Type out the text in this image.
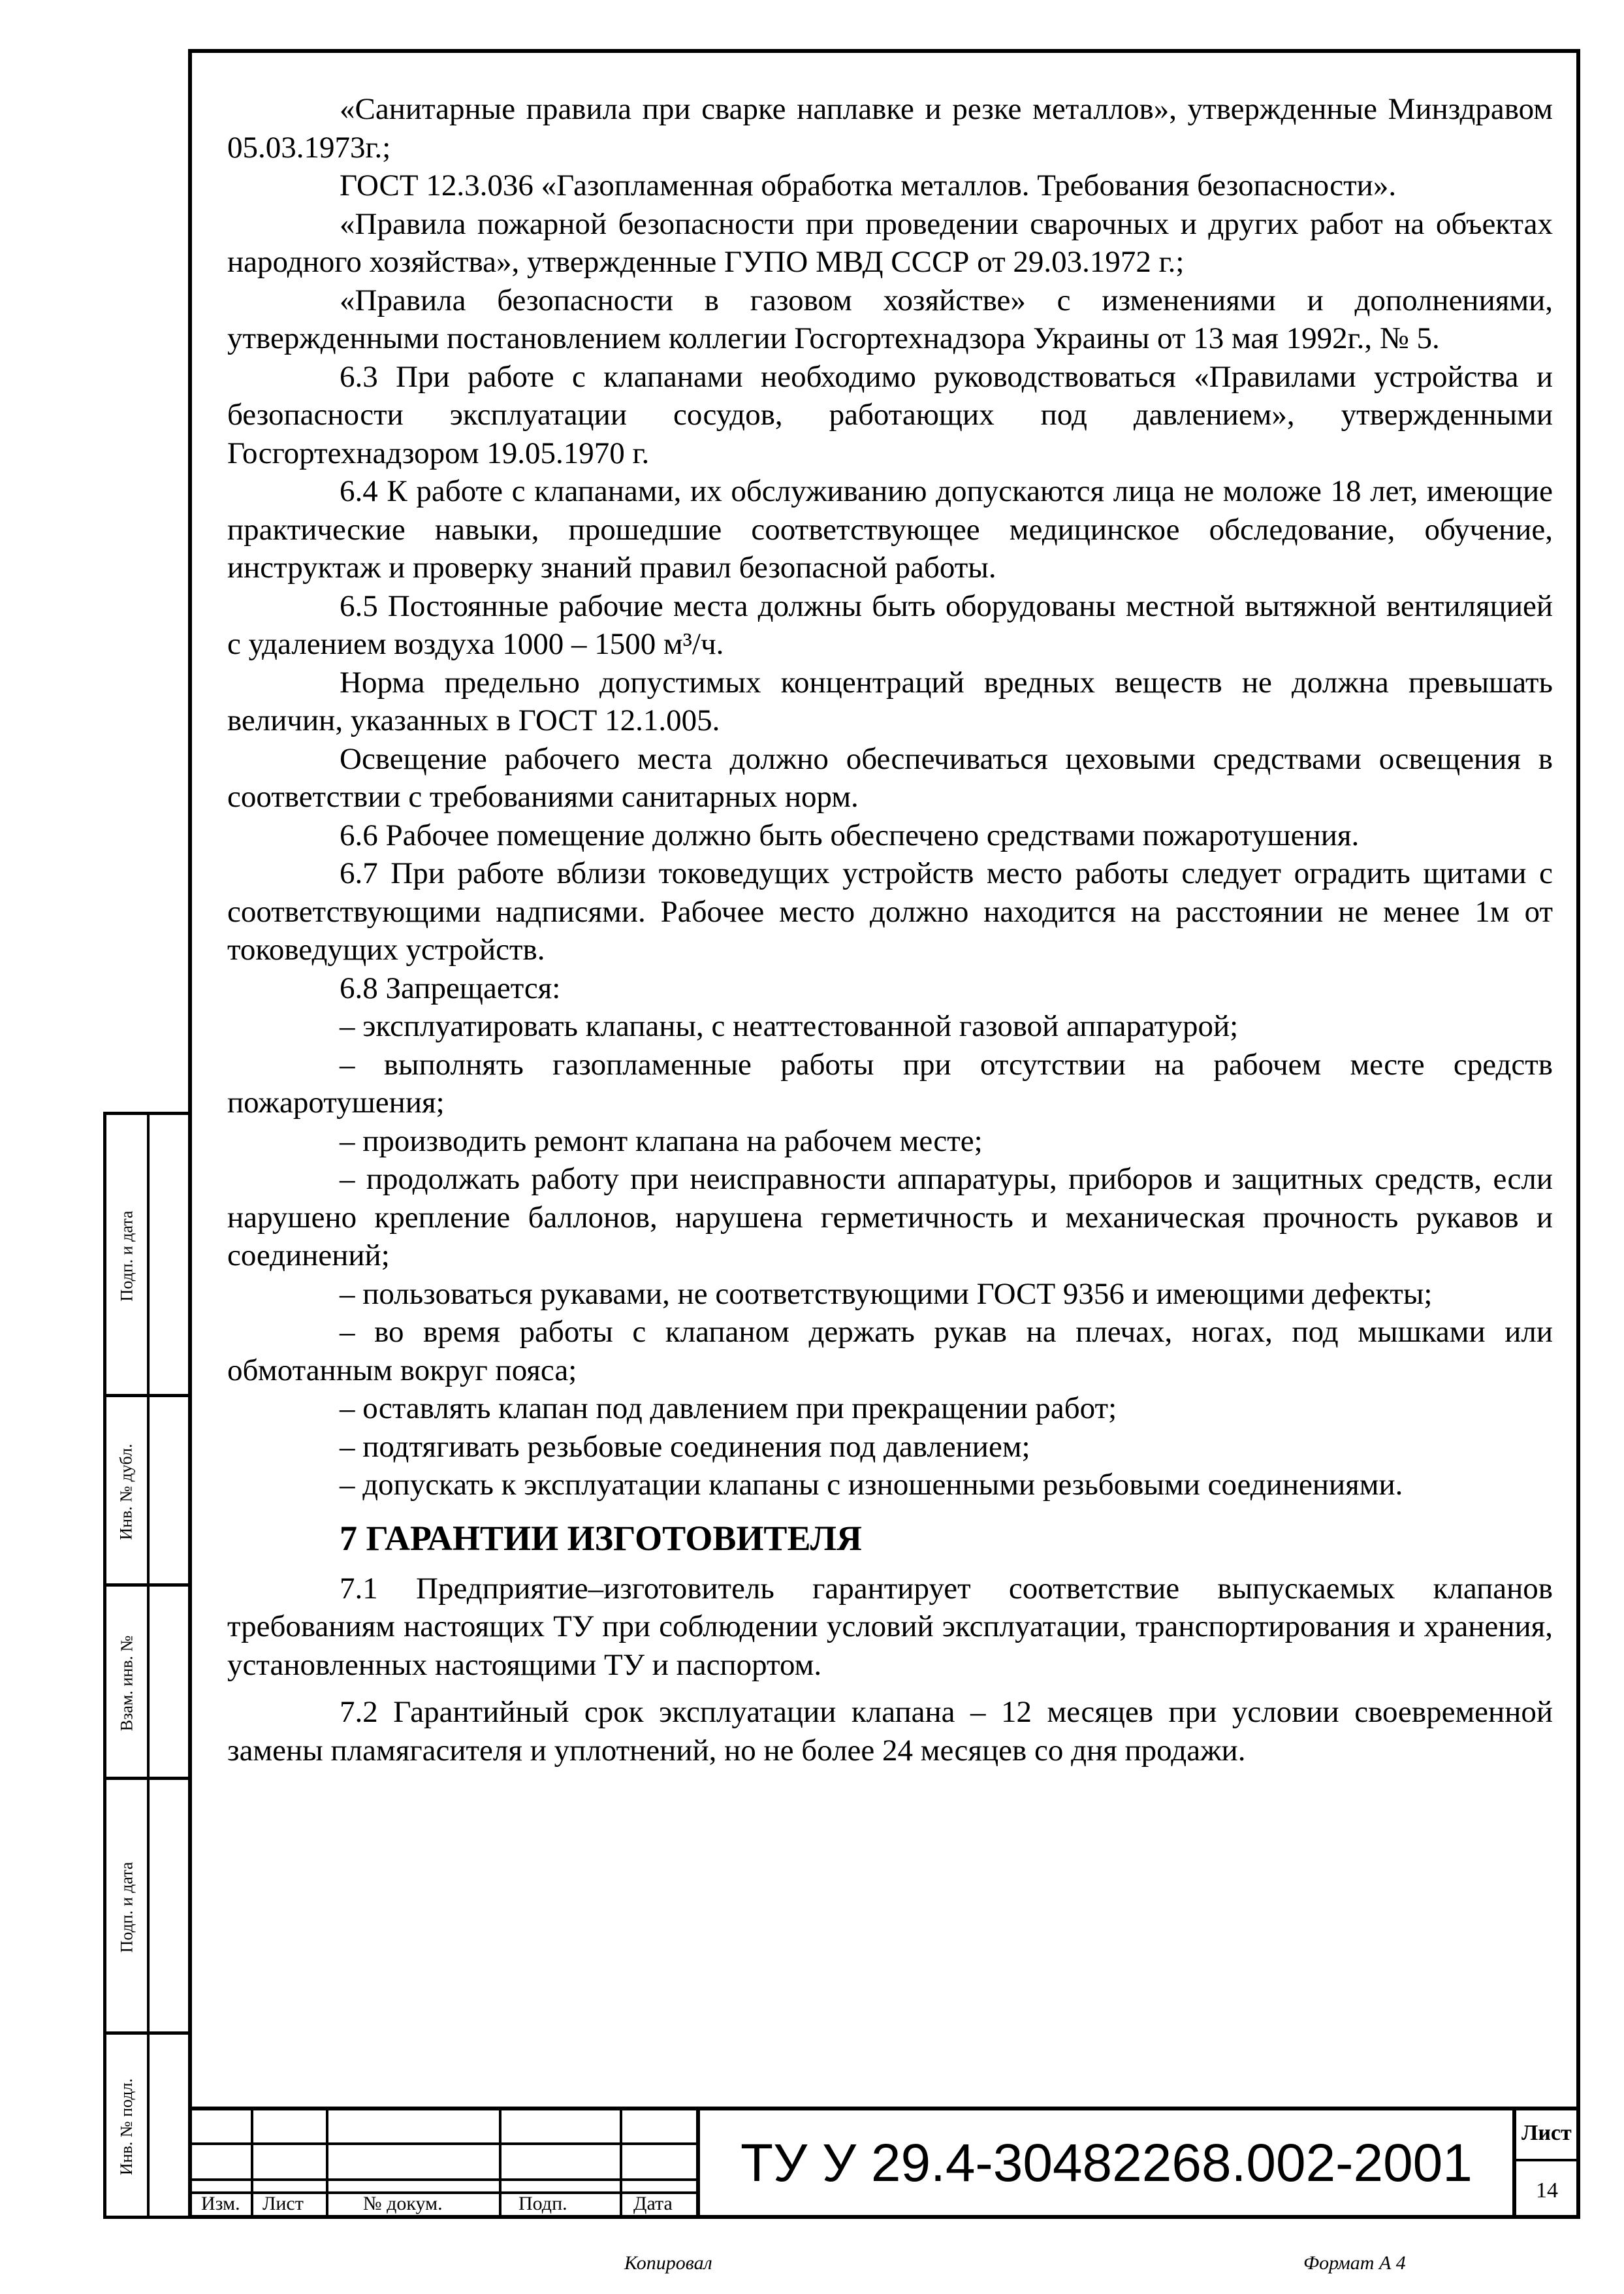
«Санитарные правила при сварке наплавке и резке металлов», утвержденные Минздравом 05.03.1973г.;

ГОСТ 12.3.036 «Газопламенная обработка металлов. Требования безопасности».

«Правила пожарной безопасности при проведении сварочных и других работ на объектах народного хозяйства», утвержденные ГУПО МВД СССР от 29.03.1972 г.;

«Правила безопасности в газовом хозяйстве» с изменениями и дополнениями, утвержденными постановлением коллегии Госгортехнадзора Украины от 13 мая 1992г., № 5.

6.3 При работе с клапанами необходимо руководствоваться «Правилами устройства и безопасности эксплуатации сосудов, работающих под давлением», утвержденными Госгортехнадзором 19.05.1970 г.

6.4 К работе с клапанами, их обслуживанию допускаются лица не моложе 18 лет, имеющие практические навыки, прошедшие соответствующее медицинское обследование, обучение, инструктаж и проверку знаний правил безопасной работы.

6.5 Постоянные рабочие места должны быть оборудованы местной вытяжной вентиляцией с удалением воздуха 1000 – 1500 м³/ч.

Норма предельно допустимых концентраций вредных веществ не должна превышать величин, указанных в ГОСТ 12.1.005.

Освещение рабочего места должно обеспечиваться цеховыми средствами освещения в соответствии с требованиями санитарных норм.

6.6 Рабочее помещение должно быть обеспечено средствами пожаротушения.

6.7 При работе вблизи токоведущих устройств место работы следует оградить щитами с соответствующими надписями. Рабочее место должно находится на расстоянии не менее 1м от токоведущих устройств.

6.8 Запрещается:

– эксплуатировать клапаны, с неаттестованной газовой аппаратурой;

– выполнять газопламенные работы при отсутствии на рабочем месте средств пожаротушения;

– производить ремонт клапана на рабочем месте;

– продолжать работу при неисправности аппаратуры, приборов и защитных средств, если нарушено крепление баллонов, нарушена герметичность и механическая прочность рукавов и соединений;

– пользоваться рукавами, не соответствующими ГОСТ 9356 и имеющими дефекты;

– во время работы с клапаном держать рукав на плечах, ногах, под мышками или обмотанным вокруг пояса;

– оставлять клапан под давлением при прекращении работ;

– подтягивать резьбовые соединения под давлением;

– допускать к эксплуатации клапаны с изношенными резьбовыми соединениями.

7 ГАРАНТИИ ИЗГОТОВИТЕЛЯ

7.1 Предприятие–изготовитель гарантирует соответствие выпускаемых клапанов требованиям настоящих ТУ при соблюдении условий эксплуатации, транспортирования и хранения, установленных настоящими ТУ и паспортом.

7.2 Гарантийный срок эксплуатации клапана – 12 месяцев при условии своевременной замены пламягасителя и уплотнений, но не более 24 месяцев со дня продажи.

Подп. и дата
Инв. № дубл.
Взам. инв. №
Подп. и дата
Инв. № подл.
Изм. Лист	№ докум.	Подп.	Дата
ТУ У 29.4-30482268.002-2001
Лист
14
Копировал	Формат А 4
